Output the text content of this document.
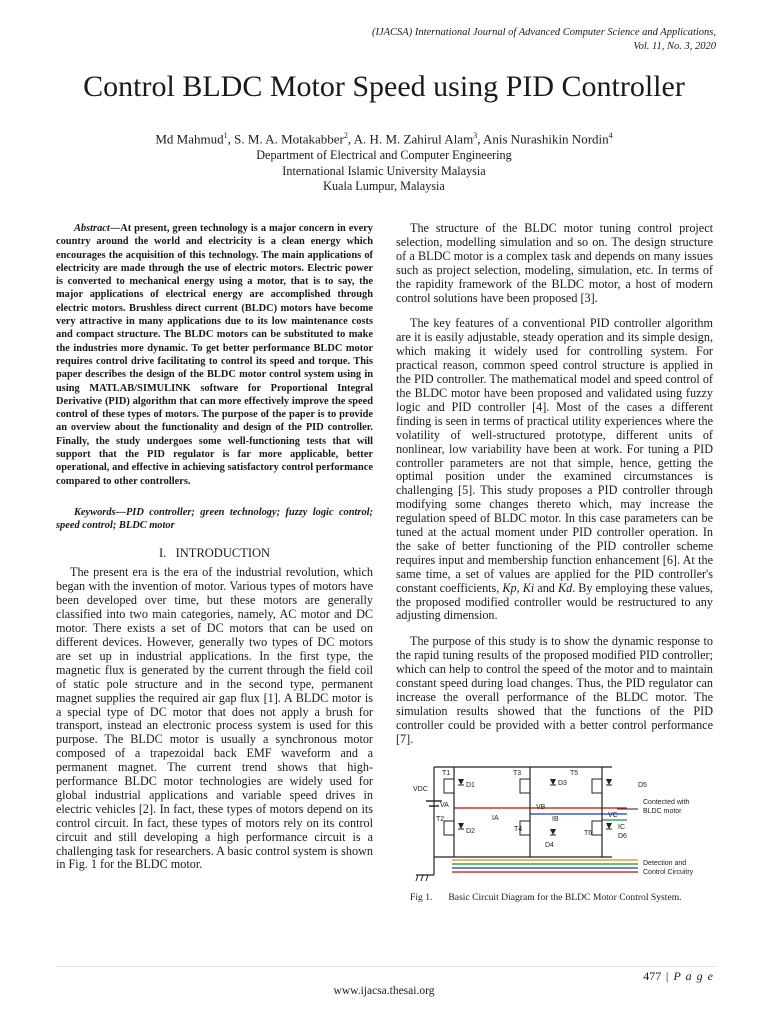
(IJACSA) International Journal of Advanced Computer Science and Applications,
Vol. 11, No. 3, 2020
Control BLDC Motor Speed using PID Controller
Md Mahmud$^1$, S. M. A. Motakabber$^2$, A. H. M. Zahirul Alam$^3$, Anis Nurashikin Nordin$^4$
Department of Electrical and Computer Engineering
International Islamic University Malaysia
Kuala Lumpur, Malaysia

Abstract—At present, green technology is a major concern in every country around the world and electricity is a clean energy which encourages the acquisition of this technology. The main applications of electricity are made through the use of electric motors. Electric power is converted to mechanical energy using a motor, that is to say, the major applications of electrical energy are accomplished through electric motors. Brushless direct current (BLDC) motors have become very attractive in many applications due to its low maintenance costs and compact structure. The BLDC motors can be substituted to make the industries more dynamic. To get better performance BLDC motor requires control drive facilitating to control its speed and torque. This paper describes the design of the BLDC motor control system using in using MATLAB/SIMULINK software for Proportional Integral Derivative (PID) algorithm that can more effectively improve the speed control of these types of motors. The purpose of the paper is to provide an overview about the functionality and design of the PID controller. Finally, the study undergoes some well-functioning tests that will support that the PID regulator is far more applicable, better operational, and effective in achieving satisfactory control performance compared to other controllers.

Keywords—PID controller; green technology; fuzzy logic control; speed control; BLDC motor

I. INTRODUCTION

The present era is the era of the industrial revolution, which began with the invention of motor. Various types of motors have been developed over time, but these motors are generally classified into two main categories, namely, AC motor and DC motor. There exists a set of DC motors that can be used on different devices. However, generally two types of DC motors are set up in industrial applications. In the first type, the magnetic flux is generated by the current through the field coil of static pole structure and in the second type, permanent magnet supplies the required air gap flux [1]. A BLDC motor is a special type of DC motor that does not apply a brush for transport, instead an electronic process system is used for this purpose. The BLDC motor is usually a synchronous motor composed of a trapezoidal back EMF waveform and a permanent magnet. The current trend shows that high-performance BLDC motor technologies are widely used for global industrial applications and variable speed drives in electric vehicles [2]. In fact, these types of motors depend on its control circuit. In fact, these types of motors rely on its control circuit and still developing a high performance circuit is a challenging task for researchers. A basic control system is shown in Fig. 1 for the BLDC motor.

The structure of the BLDC motor tuning control project selection, modelling simulation and so on. The design structure of a BLDC motor is a complex task and depends on many issues such as project selection, modeling, simulation, etc. In terms of the rapidity framework of the BLDC motor, a host of modern control solutions have been proposed [3].

The key features of a conventional PID controller algorithm are it is easily adjustable, steady operation and its simple design, which making it widely used for controlling system. For practical reason, common speed control structure is applied in the PID controller. The mathematical model and speed control of the BLDC motor have been proposed and validated using fuzzy logic and PID controller [4]. Most of the cases a different finding is seen in terms of practical utility experiences where the volatility of well-structured prototype, different units of nonlinear, low variability have been at work. For tuning a PID controller parameters are not that simple, hence, getting the optimal position under the examined circumstances is challenging [5]. This study proposes a PID controller through modifying some changes thereto which, may increase the regulation speed of BLDC motor. In this case parameters can be tuned at the actual moment under PID controller operation. In the sake of better functioning of the PID controller scheme requires input and membership function enhancement [6]. At the same time, a set of values are applied for the PID controller's constant coefficients, Kp, Ki and Kd. By employing these values, the proposed modified controller would be restructured to any adjusting dimension.

The purpose of this study is to show the dynamic response to the rapid tuning results of the proposed modified PID controller; which can help to control the speed of the motor and to maintain constant speed during load changes. Thus, the PID regulator can increase the overall performance of the BLDC motor. The simulation results showed that the functions of the PID controller could be provided with a better control performance [7].

VDC
T1
D1
VA
T2
D2
IA
T3
D3
VB
T4
IB
D4
T5
D5
VC
T6
IC
D6
Contected with
BLDC motor
Detection and
Control Circuitry
Fig 1. Basic Circuit Diagram for the BLDC Motor Control System.
477 | P a g e
www.ijacsa.thesai.org
